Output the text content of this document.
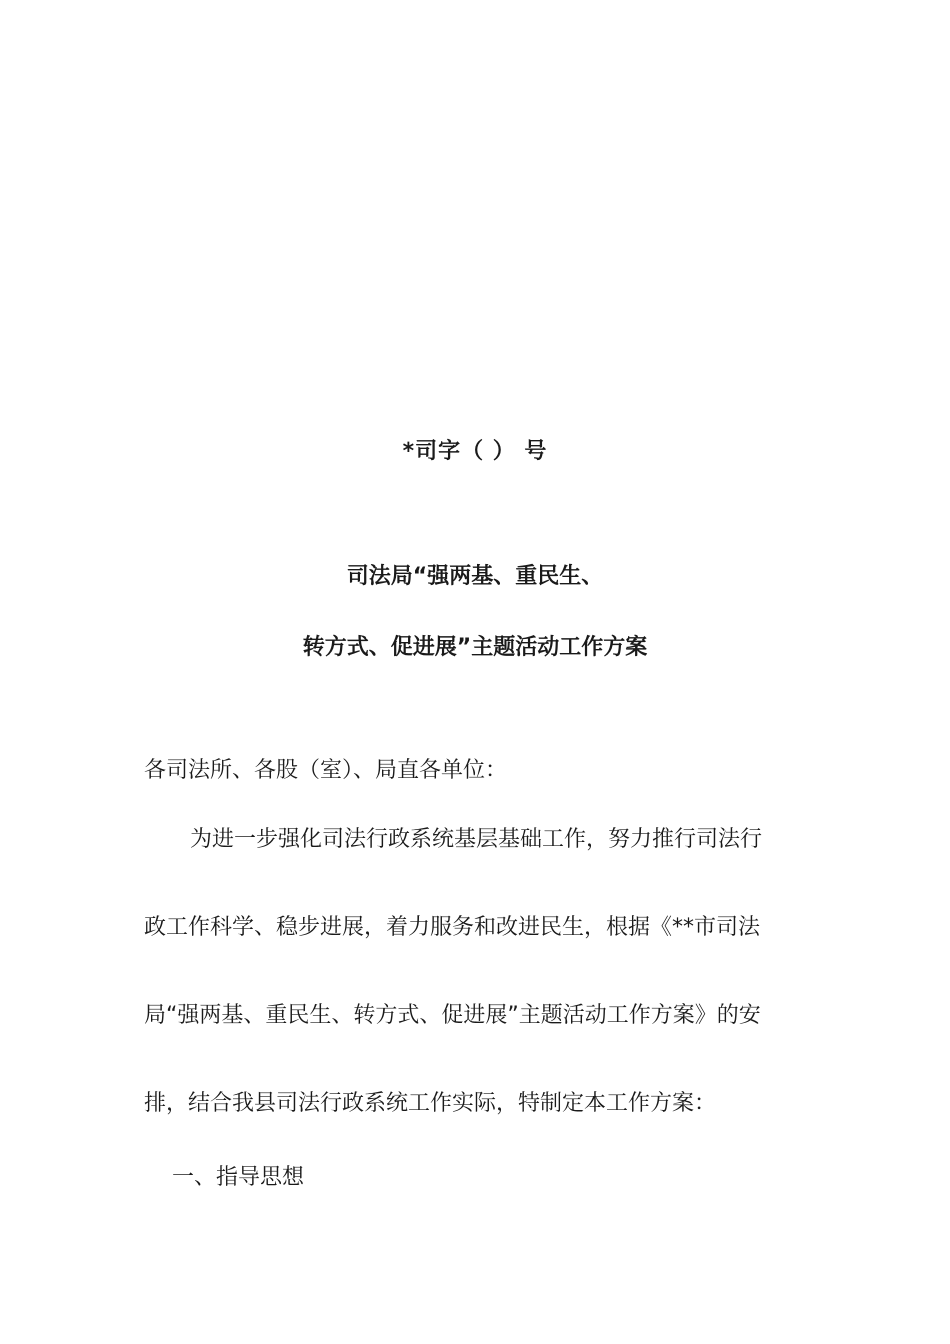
*司字（ ） 号
司法局“强两基、重民生、
转方式、促进展”主题活动工作方案
各司法所、各股（室）、局直各单位：
为进一步强化司法行政系统基层基础工作，努力推行司法行
政工作科学、稳步进展，着力服务和改进民生，根据《**市司法
局“强两基、重民生、转方式、促进展”主题活动工作方案》的安
排，结合我县司法行政系统工作实际，特制定本工作方案：
一、指导思想
